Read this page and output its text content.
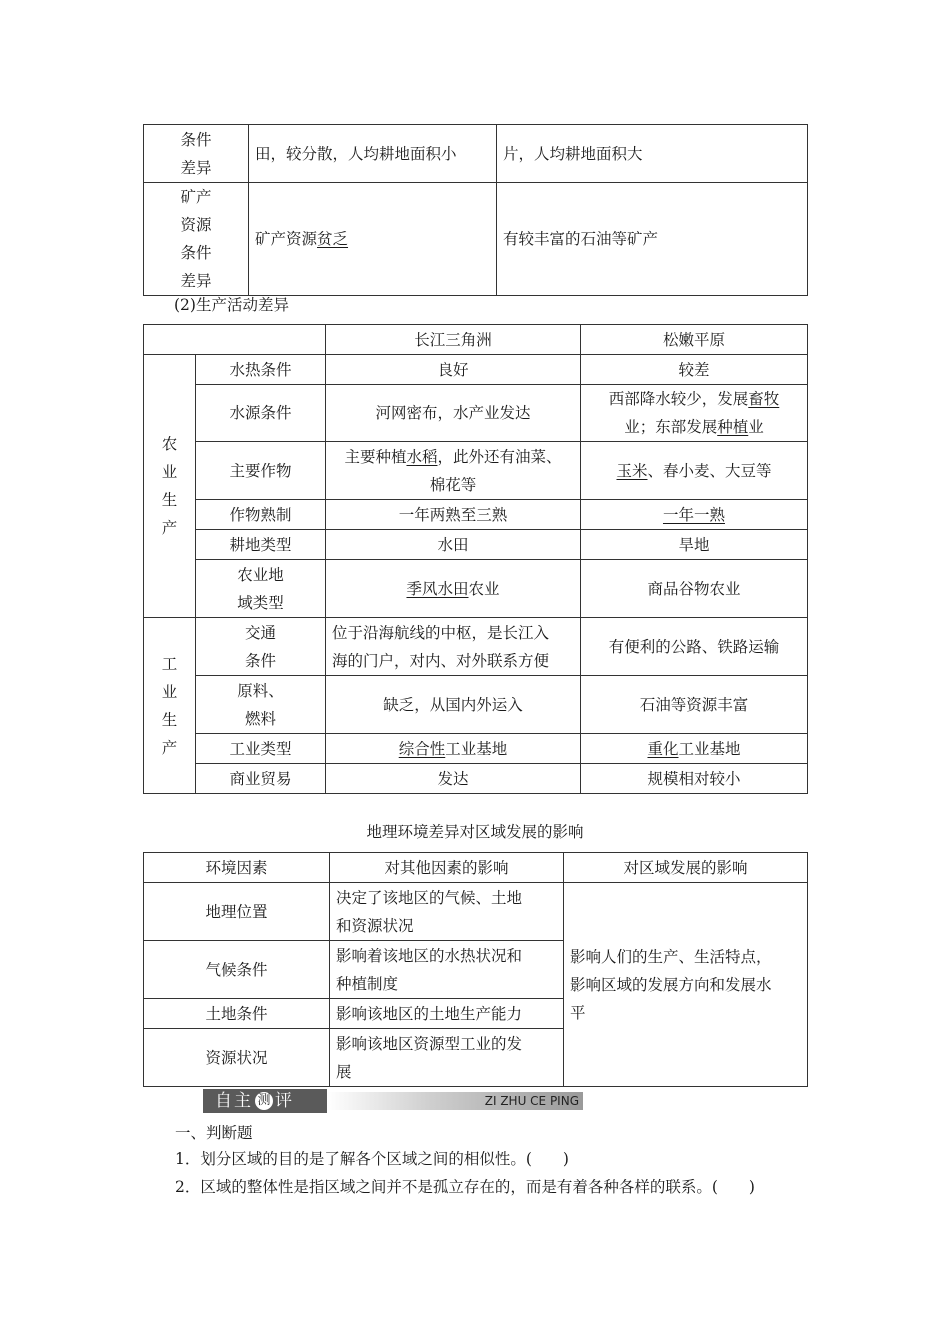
条件
差异	田，较分散，人均耕地面积小	片，人均耕地面积大

矿产
资源
条件
差异	矿产资源贫乏	有较丰富的石油等矿产
(2)生产活动差异
		长江三角洲	松嫩平原

农
业
生
产	水热条件	良好	较差
	水源条件	河网密布，水产业发达	西部降水较少，发展畜牧
业；东部发展种植业
	主要作物	主要种植水稻，此外还有油菜、
棉花等	玉米、春小麦、大豆等
	作物熟制	一年两熟至三熟	一年一熟
	耕地类型	水田	旱地

	农业地
域类型	季风水田农业	商品谷物农业

工
业
生
产	交通
条件	位于沿海航线的中枢，是长江入
海的门户，对内、对外联系方便	有便利的公路、铁路运输

	原料、
燃料	缺乏，从国内外运入	石油等资源丰富
	工业类型	综合性工业基地	重化工业基地
	商业贸易	发达	规模相对较小
地理环境差异对区域发展的影响
环境因素	对其他因素的影响	对区域发展的影响
地理位置	决定了该地区的气候、土地
和资源状况	影响人们的生产、生活特点，
影响区域的发展方向和发展水
平
气候条件	影响着该地区的水热状况和
种植制度	
土地条件	影响该地区的土地生产能力	
资源状况	影响该地区资源型工业的发
展	
自主 测 评	ZI ZHU CE PING
一、判断题
1．划分区域的目的是了解各个区域之间的相似性。(　　)
2．区域的整体性是指区域之间并不是孤立存在的，而是有着各种各样的联系。(　　)
